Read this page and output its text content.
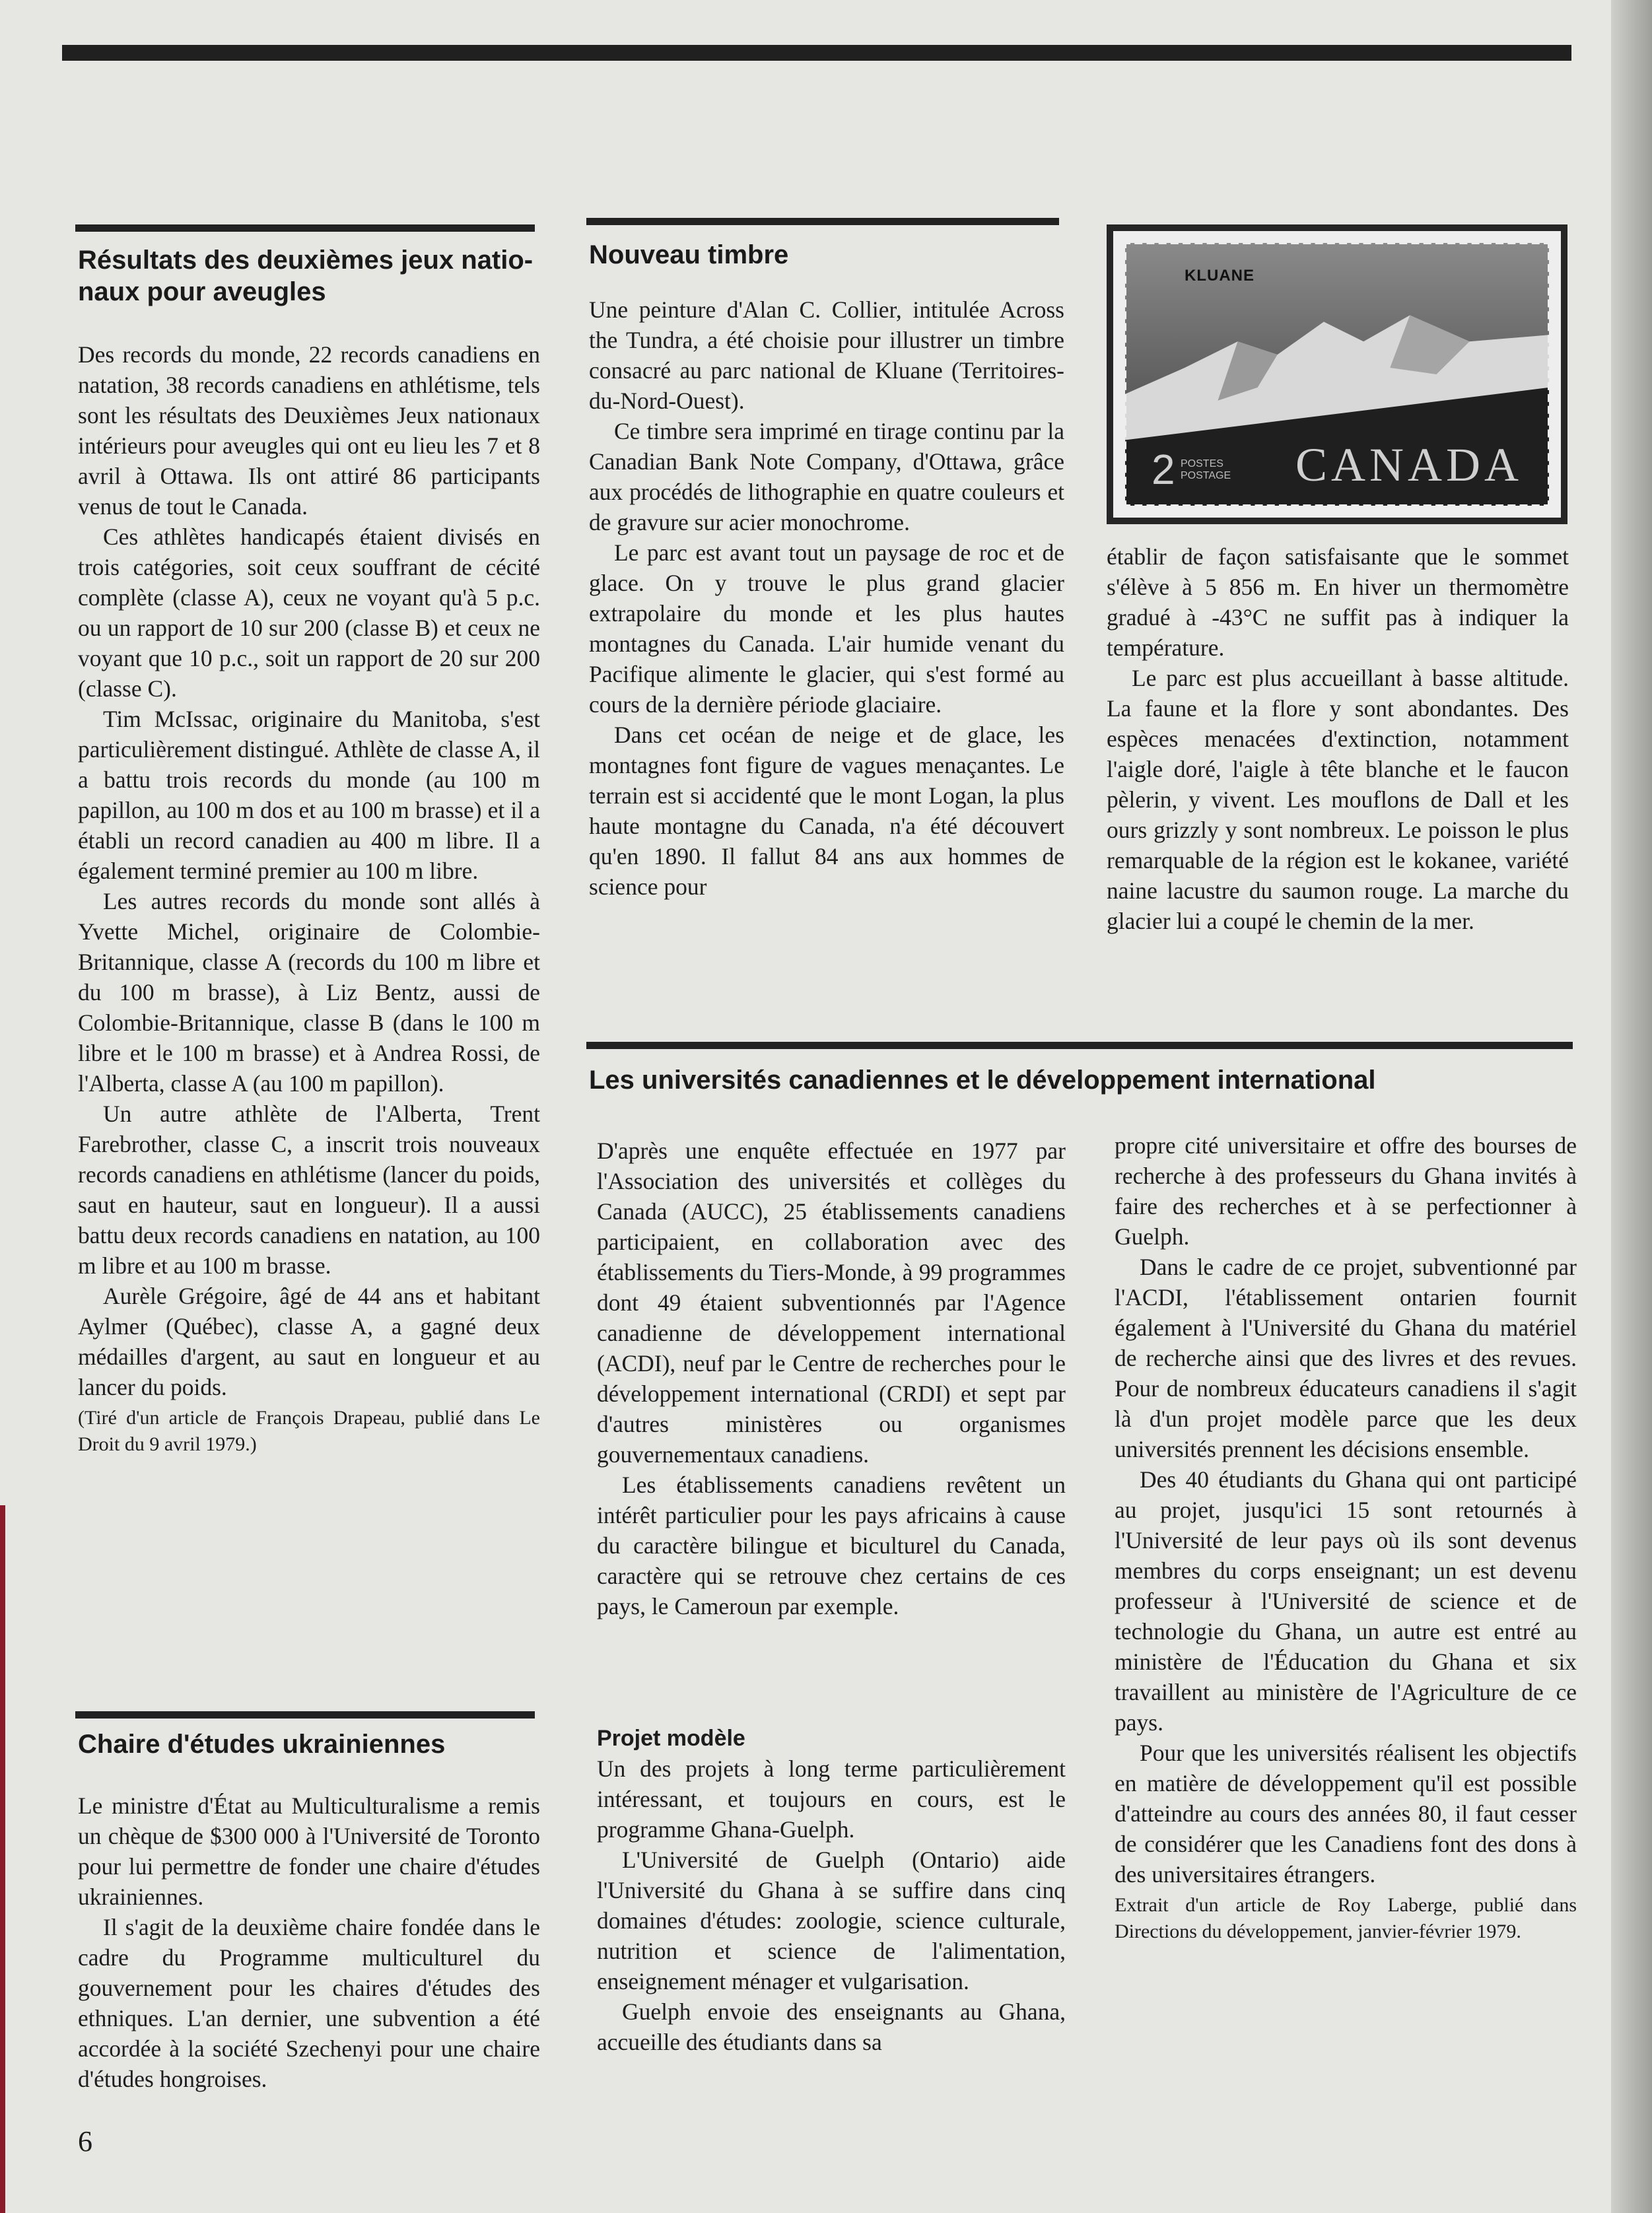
Résultats des deuxièmes jeux natio-naux pour aveugles

Des records du monde, 22 records canadiens en natation, 38 records canadiens en athlétisme, tels sont les résultats des Deuxièmes Jeux nationaux intérieurs pour aveugles qui ont eu lieu les 7 et 8 avril à Ottawa. Ils ont attiré 86 participants venus de tout le Canada.

Ces athlètes handicapés étaient divisés en trois catégories, soit ceux souffrant de cécité complète (classe A), ceux ne voyant qu'à 5 p.c. ou un rapport de 10 sur 200 (classe B) et ceux ne voyant que 10 p.c., soit un rapport de 20 sur 200 (classe C).

Tim McIssac, originaire du Manitoba, s'est particulièrement distingué. Athlète de classe A, il a battu trois records du monde (au 100 m papillon, au 100 m dos et au 100 m brasse) et il a établi un record canadien au 400 m libre. Il a également terminé premier au 100 m libre.

Les autres records du monde sont allés à Yvette Michel, originaire de Colombie-Britannique, classe A (records du 100 m libre et du 100 m brasse), à Liz Bentz, aussi de Colombie-Britannique, classe B (dans le 100 m libre et le 100 m brasse) et à Andrea Rossi, de l'Alberta, classe A (au 100 m papillon).

Un autre athlète de l'Alberta, Trent Farebrother, classe C, a inscrit trois nouveaux records canadiens en athlétisme (lancer du poids, saut en hauteur, saut en longueur). Il a aussi battu deux records canadiens en natation, au 100 m libre et au 100 m brasse.

Aurèle Grégoire, âgé de 44 ans et habitant Aylmer (Québec), classe A, a gagné deux médailles d'argent, au saut en longueur et au lancer du poids.

(Tiré d'un article de François Drapeau, publié dans Le Droit du 9 avril 1979.)

Chaire d'études ukrainiennes

Le ministre d'État au Multiculturalisme a remis un chèque de $300 000 à l'Université de Toronto pour lui permettre de fonder une chaire d'études ukrainiennes.

Il s'agit de la deuxième chaire fondée dans le cadre du Programme multiculturel du gouvernement pour les chaires d'études des ethniques. L'an dernier, une subvention a été accordée à la société Szechenyi pour une chaire d'études hongroises.

Nouveau timbre

Une peinture d'Alan C. Collier, intitulée Across the Tundra, a été choisie pour illustrer un timbre consacré au parc national de Kluane (Territoires-du-Nord-Ouest).

Ce timbre sera imprimé en tirage continu par la Canadian Bank Note Company, d'Ottawa, grâce aux procédés de lithographie en quatre couleurs et de gravure sur acier monochrome.

Le parc est avant tout un paysage de roc et de glace. On y trouve le plus grand glacier extrapolaire du monde et les plus hautes montagnes du Canada. L'air humide venant du Pacifique alimente le glacier, qui s'est formé au cours de la dernière période glaciaire.

Dans cet océan de neige et de glace, les montagnes font figure de vagues menaçantes. Le terrain est si accidenté que le mont Logan, la plus haute montagne du Canada, n'a été découvert qu'en 1890. Il fallut 84 ans aux hommes de science pour

KLUANE
2 POSTES
POSTAGE CANADA

établir de façon satisfaisante que le sommet s'élève à 5 856 m. En hiver un thermomètre gradué à -43°C ne suffit pas à indiquer la température.

Le parc est plus accueillant à basse altitude. La faune et la flore y sont abondantes. Des espèces menacées d'extinction, notamment l'aigle doré, l'aigle à tête blanche et le faucon pèlerin, y vivent. Les mouflons de Dall et les ours grizzly y sont nombreux. Le poisson le plus remarquable de la région est le kokanee, variété naine lacustre du saumon rouge. La marche du glacier lui a coupé le chemin de la mer.

Les universités canadiennes et le développement international

D'après une enquête effectuée en 1977 par l'Association des universités et collèges du Canada (AUCC), 25 établissements canadiens participaient, en collaboration avec des établissements du Tiers-Monde, à 99 programmes dont 49 étaient subventionnés par l'Agence canadienne de développement international (ACDI), neuf par le Centre de recherches pour le développement international (CRDI) et sept par d'autres ministères ou organismes gouvernementaux canadiens.

Les établissements canadiens revêtent un intérêt particulier pour les pays africains à cause du caractère bilingue et biculturel du Canada, caractère qui se retrouve chez certains de ces pays, le Cameroun par exemple.

Projet modèle

Un des projets à long terme particulièrement intéressant, et toujours en cours, est le programme Ghana-Guelph.

L'Université de Guelph (Ontario) aide l'Université du Ghana à se suffire dans cinq domaines d'études: zoologie, science culturale, nutrition et science de l'alimentation, enseignement ménager et vulgarisation.

Guelph envoie des enseignants au Ghana, accueille des étudiants dans sa

propre cité universitaire et offre des bourses de recherche à des professeurs du Ghana invités à faire des recherches et à se perfectionner à Guelph.

Dans le cadre de ce projet, subventionné par l'ACDI, l'établissement ontarien fournit également à l'Université du Ghana du matériel de recherche ainsi que des livres et des revues. Pour de nombreux éducateurs canadiens il s'agit là d'un projet modèle parce que les deux universités prennent les décisions ensemble.

Des 40 étudiants du Ghana qui ont participé au projet, jusqu'ici 15 sont retournés à l'Université de leur pays où ils sont devenus membres du corps enseignant; un est devenu professeur à l'Université de science et de technologie du Ghana, un autre est entré au ministère de l'Éducation du Ghana et six travaillent au ministère de l'Agriculture de ce pays.

Pour que les universités réalisent les objectifs en matière de développement qu'il est possible d'atteindre au cours des années 80, il faut cesser de considérer que les Canadiens font des dons à des universitaires étrangers.

Extrait d'un article de Roy Laberge, publié dans Directions du développement, janvier-février 1979.

6
